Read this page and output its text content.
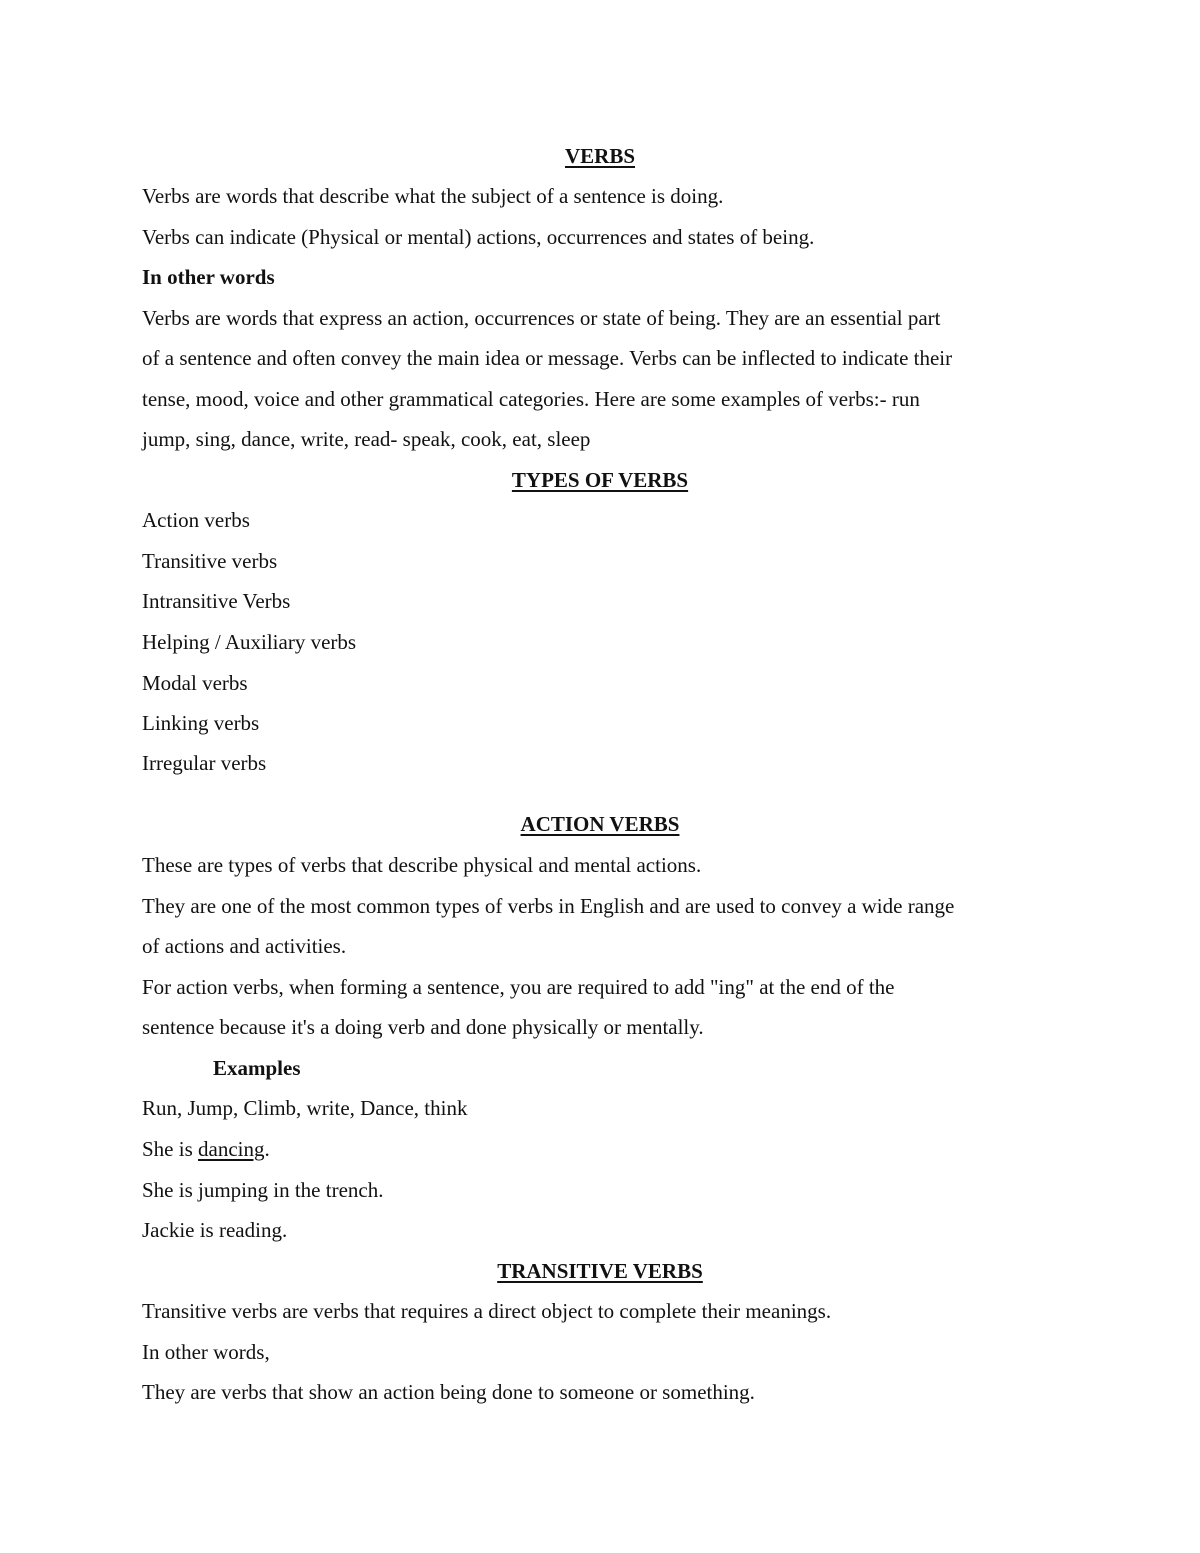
VERBS
Verbs are words that describe what the subject of a sentence is doing.
Verbs can indicate (Physical or mental) actions, occurrences and states of being.
In other words
Verbs are words that express an action, occurrences or state of being. They are an essential part
of a sentence and often convey the main idea or message. Verbs can be inflected to indicate their
tense, mood, voice and other grammatical categories. Here are some examples of verbs:- run
jump, sing, dance, write, read- speak, cook, eat, sleep
TYPES OF VERBS
Action verbs
Transitive verbs
Intransitive Verbs
Helping / Auxiliary verbs
Modal verbs
Linking verbs
Irregular verbs
ACTION VERBS
These are types of verbs that describe physical and mental actions.
They are one of the most common types of verbs in English and are used to convey a wide range
of actions and activities.
For action verbs, when forming a sentence, you are required to add "ing" at the end of the
sentence because it's a doing verb and done physically or mentally.
Examples
Run, Jump, Climb, write, Dance, think
She is dancing.
She is jumping in the trench.
Jackie is reading.
TRANSITIVE VERBS
Transitive verbs are verbs that requires a direct object to complete their meanings.
In other words,
They are verbs that show an action being done to someone or something.
